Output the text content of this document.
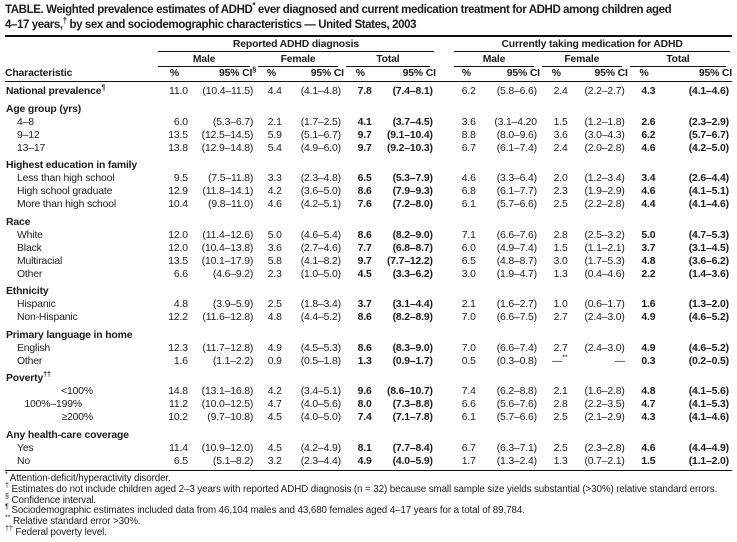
TABLE. Weighted prevalence estimates of ADHD* ever diagnosed and current medication treatment for ADHD among children aged
4–17 years,† by sex and sociodemographic characteristics — United States, 2003

	Reported ADHD diagnosis							Currently taking medication for ADHD					

	Male		Female		Total			Male		Female		Total	

Characteristic	%	95% CI§	%	95% CI	%	95% CI		%	95% CI	%	95% CI	%	95% CI
National prevalence¶	11.0	(10.4–11.5)	4.4	(4.1–4.8)	7.8	(7.4–8.1)		6.2	(5.8–6.6)	2.4	(2.2–2.7)	4.3	(4.1–4.6)
Age group (yrs)													
4–8	6.0	(5.3–6.7)	2.1	(1.7–2.5)	4.1	(3.7–4.5)		3.6	(3.1–4.20	1.5	(1.2–1.8)	2.6	(2.3–2.9)
9–12	13.5	(12.5–14.5)	5.9	(5.1–6.7)	9.7	(9.1–10.4)		8.8	(8.0–9.6)	3.6	(3.0–4.3)	6.2	(5.7–6.7)
13–17	13.8	(12.9–14.8)	5.4	(4.9–6.0)	9.7	(9.2–10.3)		6.7	(6.1–7.4)	2.4	(2.0–2.8)	4.6	(4.2–5.0)
Highest education in family													
Less than high school	9.5	(7.5–11.8)	3.3	(2.3–4.8)	6.5	(5.3–7.9)		4.6	(3.3–6.4)	2.0	(1.2–3.4)	3.4	(2.6–4.4)
High school graduate	12.9	(11.8–14.1)	4.2	(3.6–5.0)	8.6	(7.9–9.3)		6.8	(6.1–7.7)	2.3	(1.9–2.9)	4.6	(4.1–5.1)
More than high school	10.4	(9.8–11.0)	4.6	(4.2–5.1)	7.6	(7.2–8.0)		6.1	(5.7–6.6)	2.5	(2.2–2.8)	4.4	(4.1–4.6)
Race													
White	12.0	(11.4–12.6)	5.0	(4.6–5.4)	8.6	(8.2–9.0)		7.1	(6.6–7.6)	2.8	(2.5–3.2)	5.0	(4.7–5.3)
Black	12.0	(10.4–13.8)	3.6	(2.7–4.6)	7.7	(6.8–8.7)		6.0	(4.9–7.4)	1.5	(1.1–2.1)	3.7	(3.1–4.5)
Multiracial	13.5	(10.1–17.9)	5.8	(4.1–8.2)	9.7	(7.7–12.2)		6.5	(4.8–8.7)	3.0	(1.7–5.3)	4.8	(3.6–6.2)
Other	6.6	(4.6–9.2)	2.3	(1.0–5.0)	4.5	(3.3–6.2)		3.0	(1.9–4.7)	1.3	(0.4–4.6)	2.2	(1.4–3.6)
Ethnicity													
Hispanic	4.8	(3.9–5.9)	2.5	(1.8–3.4)	3.7	(3.1–4.4)		2.1	(1.6–2.7)	1.0	(0.6–1.7)	1.6	(1.3–2.0)
Non-Hispanic	12.2	(11.6–12.8)	4.8	(4.4–5.2)	8.6	(8.2–8.9)		7.0	(6.6–7.5)	2.7	(2.4–3.0)	4.9	(4.6–5.2)
Primary language in home													
English	12.3	(11.7–12.8)	4.9	(4.5–5.3)	8.6	(8.3–9.0)		7.0	(6.6–7.4)	2.7	(2.4–3.0)	4.9	(4.6–5.2)
Other	1.6	(1.1–2.2)	0.9	(0.5–1.8)	1.3	(0.9–1.7)		0.5	(0.3–0.8)	—**	—	0.3	(0.2–0.5)
Poverty††
<100%	14.8	(13.1–16.8)	4.2	(3.4–5.1)	9.6	(8.6–10.7)		7.4	(6.2–8.8)	2.1	(1.6–2.8)	4.8	(4.1–5.6)
100%–199%	11.2	(10.0–12.5)	4.7	(4.0–5.6)	8.0	(7.3–8.8)		6.6	(5.6–7.6)	2.8	(2.2–3.5)	4.7	(4.1–5.3)
≥200%	10.2	(9.7–10.8)	4.5	(4.0–5.0)	7.4	(7.1–7.8)		6.1	(5.7–6.6)	2.5	(2.1–2.9)	4.3	(4.1–4.6)
Any health-care coverage													
Yes	11.4	(10.9–12.0)	4.5	(4.2–4.9)	8.1	(7.7–8.4)		6.7	(6.3–7.1)	2.5	(2.3–2.8)	4.6	(4.4–4.9)
No	6.5	(5.1–8.2)	3.2	(2.3–4.4)	4.9	(4.0–5.9)		1.7	(1.3–2.4)	1.3	(0.7–2.1)	1.5	(1.1–2.0)
* Attention-deficit/hyperactivity disorder.
† Estimates do not include children aged 2–3 years with reported ADHD diagnosis (n = 32) because small sample size yields substantial (>30%) relative standard errors.
§ Confidence interval.
¶ Sociodemographic estimates included data from 46,104 males and 43,680 females aged 4–17 years for a total of 89,784.
** Relative standard error >30%.
†† Federal poverty level.
